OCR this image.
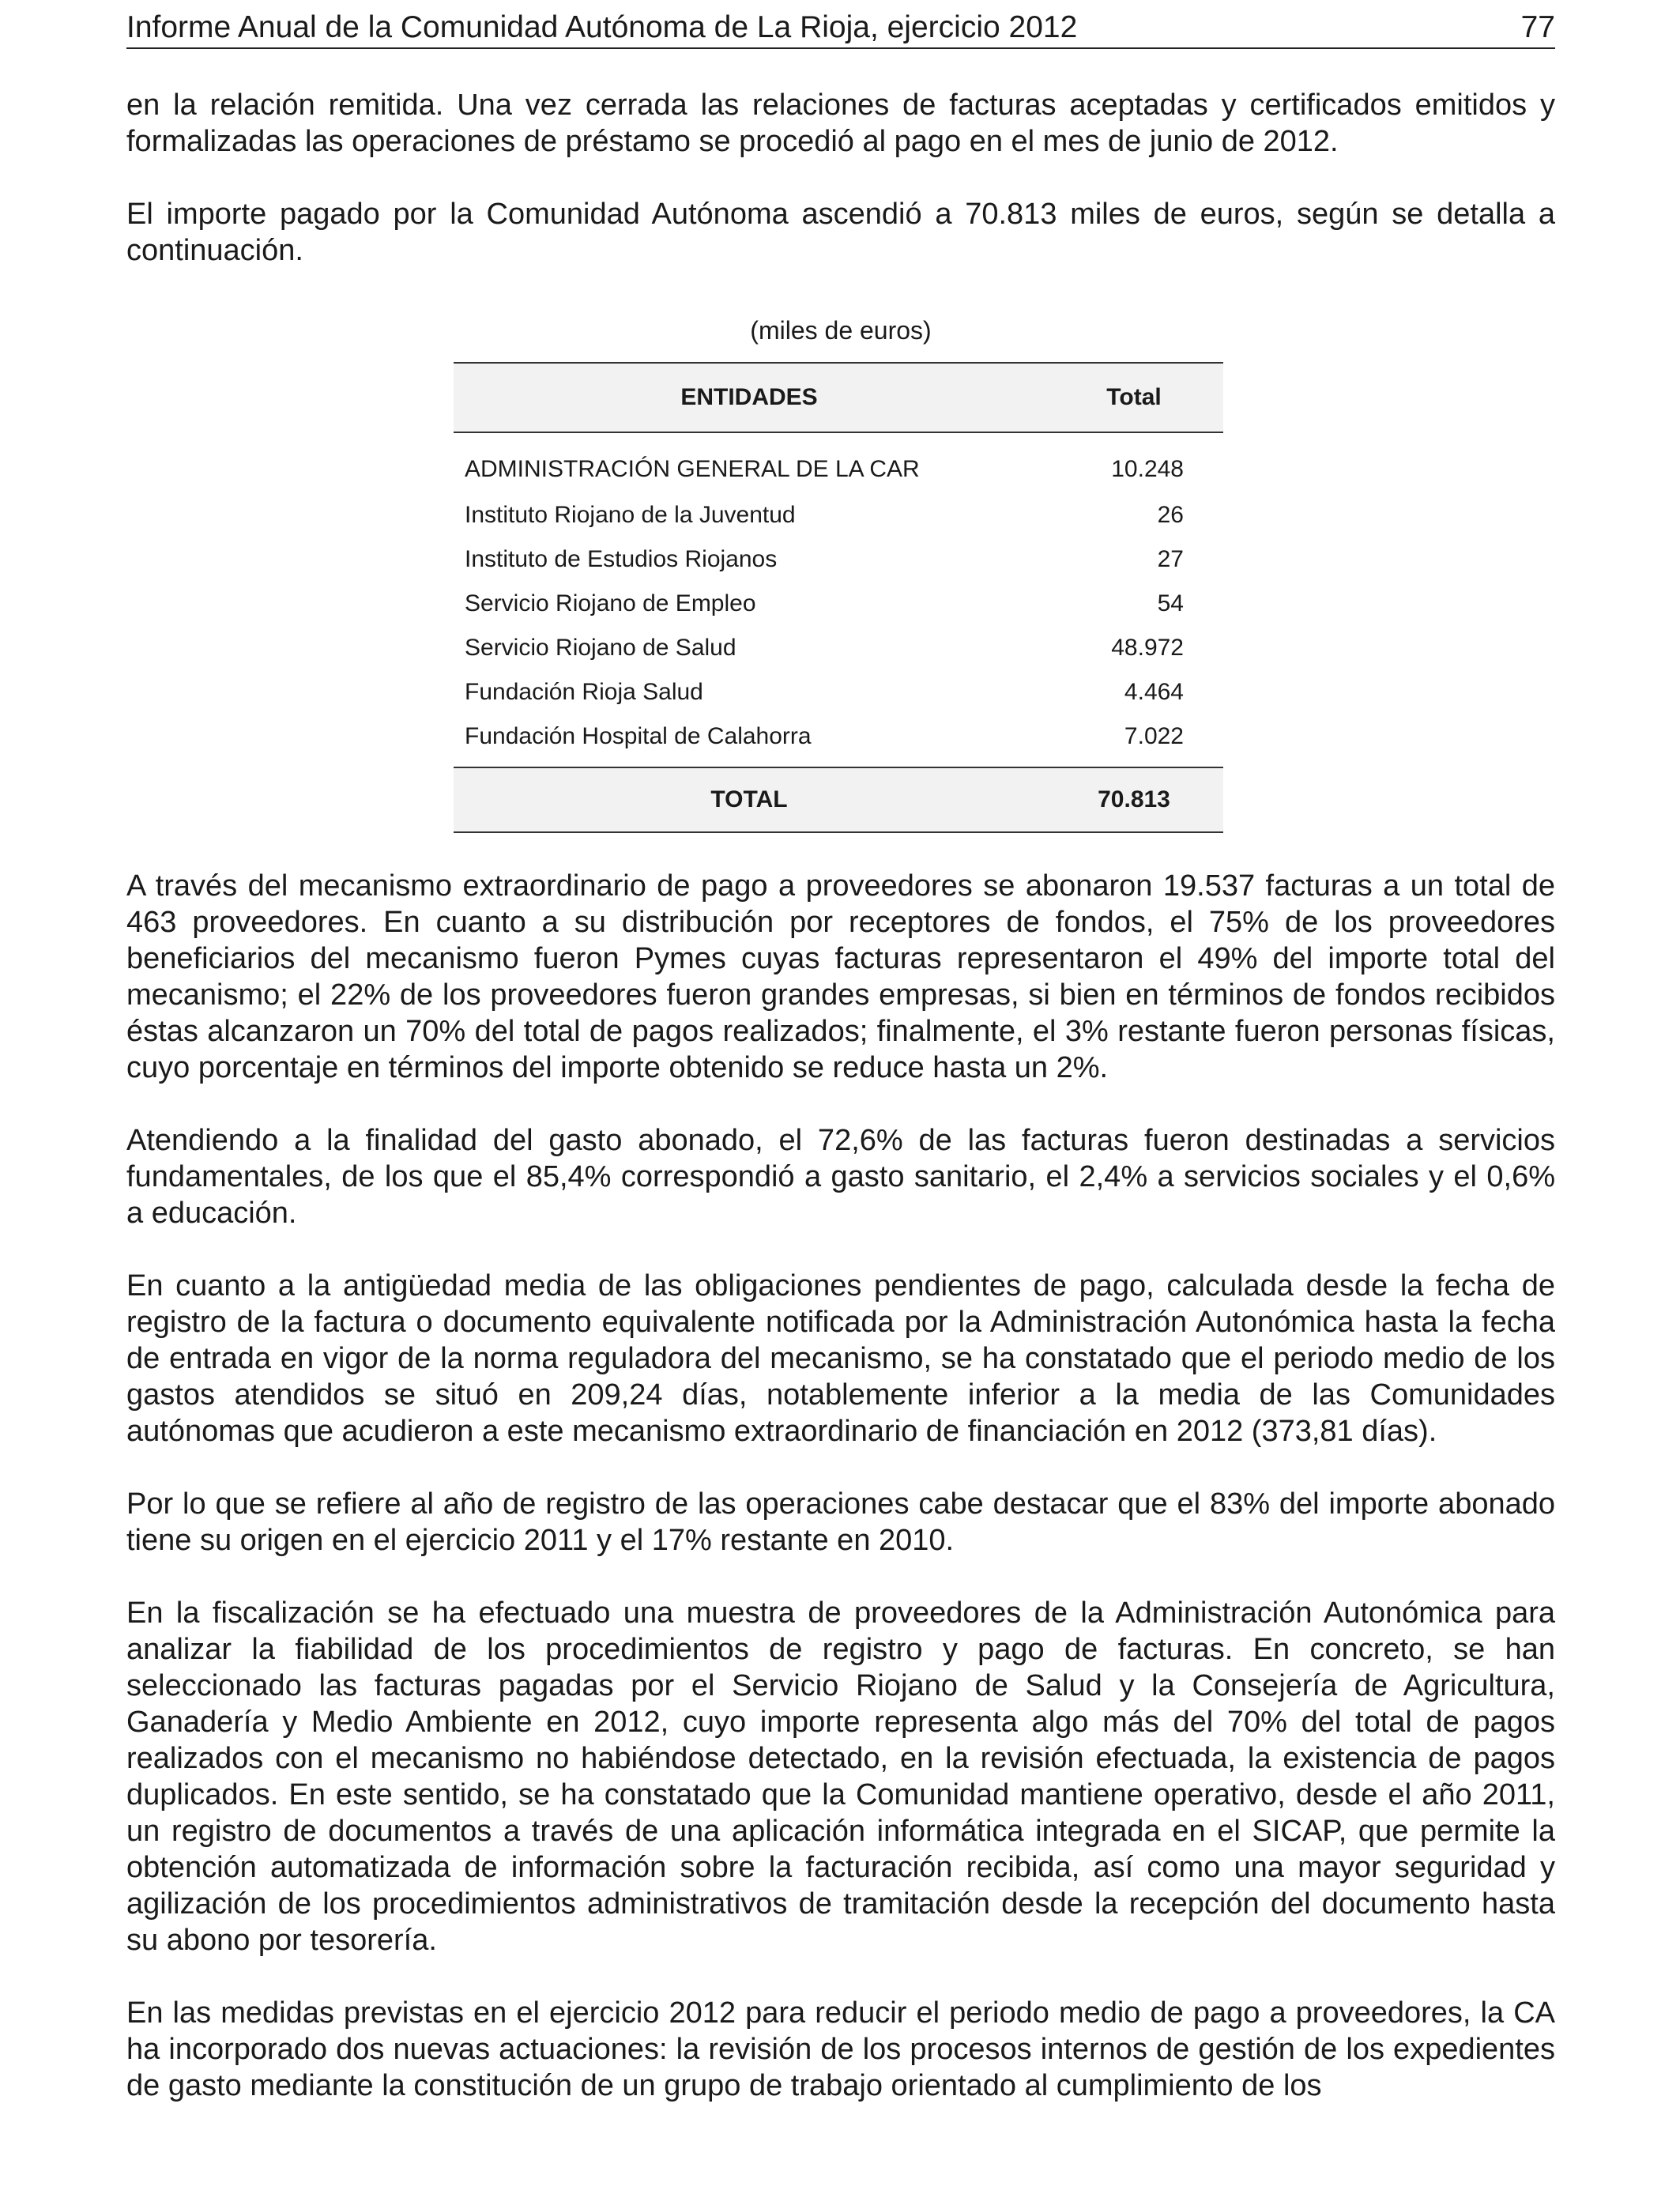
Informe Anual de la Comunidad Autónoma de La Rioja, ejercicio 2012	77

en la relación remitida. Una vez cerrada las relaciones de facturas aceptadas y certificados emitidos y formalizadas las operaciones de préstamo se procedió al pago en el mes de junio de 2012.

El importe pagado por la Comunidad Autónoma ascendió a 70.813 miles de euros, según se detalla a continuación.

(miles de euros)
ENTIDADES	Total
ADMINISTRACIÓN GENERAL DE LA CAR	10.248
Instituto Riojano de la Juventud	26
Instituto de Estudios Riojanos	27
Servicio Riojano de Empleo	54
Servicio Riojano de Salud	48.972
Fundación Rioja Salud	4.464
Fundación Hospital de Calahorra	7.022
TOTAL	70.813

A través del mecanismo extraordinario de pago a proveedores se abonaron 19.537 facturas a un total de 463 proveedores. En cuanto a su distribución por receptores de fondos, el 75% de los proveedores beneficiarios del mecanismo fueron Pymes cuyas facturas representaron el 49% del importe total del mecanismo; el 22% de los proveedores fueron grandes empresas, si bien en términos de fondos recibidos éstas alcanzaron un 70% del total de pagos realizados; finalmente, el 3% restante fueron personas físicas, cuyo porcentaje en términos del importe obtenido se reduce hasta un 2%.

Atendiendo a la finalidad del gasto abonado, el 72,6% de las facturas fueron destinadas a servicios fundamentales, de los que el 85,4% correspondió a gasto sanitario, el 2,4% a servicios sociales y el 0,6% a educación.

En cuanto a la antigüedad media de las obligaciones pendientes de pago, calculada desde la fecha de registro de la factura o documento equivalente notificada por la Administración Autonómica hasta la fecha de entrada en vigor de la norma reguladora del mecanismo, se ha constatado que el periodo medio de los gastos atendidos se situó en 209,24 días, notablemente inferior a la media de las Comunidades autónomas que acudieron a este mecanismo extraordinario de financiación en 2012 (373,81 días).

Por lo que se refiere al año de registro de las operaciones cabe destacar que el 83% del importe abonado tiene su origen en el ejercicio 2011 y el 17% restante en 2010.

En la fiscalización se ha efectuado una muestra de proveedores de la Administración Autonómica para analizar la fiabilidad de los procedimientos de registro y pago de facturas. En concreto, se han seleccionado las facturas pagadas por el Servicio Riojano de Salud y la Consejería de Agricultura, Ganadería y Medio Ambiente en 2012, cuyo importe representa algo más del 70% del total de pagos realizados con el mecanismo no habiéndose detectado, en la revisión efectuada, la existencia de pagos duplicados. En este sentido, se ha constatado que la Comunidad mantiene operativo, desde el año 2011, un registro de documentos a través de una aplicación informática integrada en el SICAP, que permite la obtención automatizada de información sobre la facturación recibida, así como una mayor seguridad y agilización de los procedimientos administrativos de tramitación desde la recepción del documento hasta su abono por tesorería.

En las medidas previstas en el ejercicio 2012 para reducir el periodo medio de pago a proveedores, la CA ha incorporado dos nuevas actuaciones: la revisión de los procesos internos de gestión de los expedientes de gasto mediante la constitución de un grupo de trabajo orientado al cumplimiento de los
